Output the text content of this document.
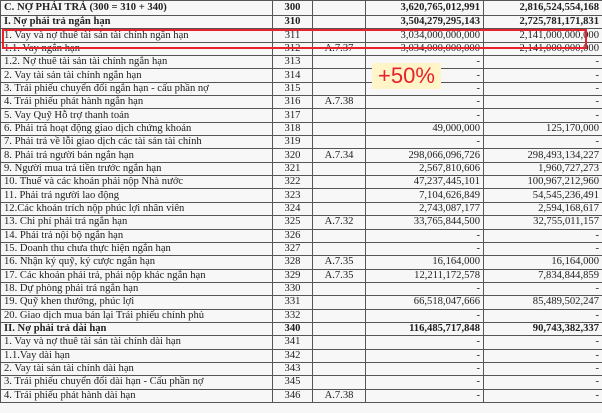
C. NỢ PHẢI TRẢ (300 = 310 + 340)	300		3,620,765,012,991	2,816,524,554,168
I. Nợ phải trả ngắn hạn	310		3,504,279,295,143	2,725,781,171,831
1. Vay và nợ thuê tài sản tài chính ngắn hạn	311		3,034,000,000,000	2,141,000,000,000
1.1. Vay ngắn hạn	312	A.7.37	3,034,000,000,000	2,141,000,000,000
1.2. Nợ thuê tài sản tài chính ngắn hạn	313		-	-
2. Vay tài sản tài chính ngắn hạn	314		-	-
3. Trái phiếu chuyển đổi ngắn hạn - cấu phần nợ	315		-	-
4. Trái phiếu phát hành ngắn hạn	316	A.7.38	-	-
5. Vay Quỹ Hỗ trợ thanh toán	317		-	-
6. Phải trả hoạt động giao dịch chứng khoán	318		49,000,000	125,170,000
7. Phải trả về lỗi giao dịch các tài sản tài chính	319		-	-
8. Phải trả người bán ngắn hạn	320	A.7.34	298,066,096,726	298,493,134,227
9. Người mua trả tiền trước ngắn hạn	321		2,567,810,606	1,960,727,273
10. Thuế và các khoản phải nộp Nhà nước	322		47,237,445,101	100,967,212,960
11. Phải trả người lao động	323		7,104,626,849	54,545,236,491
12.Các khoản trích nộp phúc lợi nhân viên	324		2,743,087,177	2,594,168,617
13. Chi phí phải trả ngắn hạn	325	A.7.32	33,765,844,500	32,755,011,157
14. Phải trả nội bộ ngắn hạn	326		-	-
15. Doanh thu chưa thực hiện ngắn hạn	327		-	-
16. Nhận ký quỹ, ký cược ngắn hạn	328	A.7.35	16,164,000	16,164,000
17. Các khoản phải trả, phải nộp khác ngắn hạn	329	A.7.35	12,211,172,578	7,834,844,859
18. Dự phòng phải trả ngắn hạn	330		-	-
19. Quỹ khen thưởng, phúc lợi	331		66,518,047,666	85,489,502,247
20. Giao dịch mua bán lại Trái phiếu chính phủ	332		-	-
II. Nợ phải trả dài hạn	340		116,485,717,848	90,743,382,337
1. Vay và nợ thuê tài sản tài chính dài hạn	341		-	-
1.1.Vay dài hạn	342		-	-
2. Vay tài sản tài chính dài hạn	343		-	-
3. Trái phiếu chuyển đổi dài hạn - Cấu phần nợ	345		-	-
4. Trái phiếu phát hành dài hạn	346	A.7.38	-	-
+50%
